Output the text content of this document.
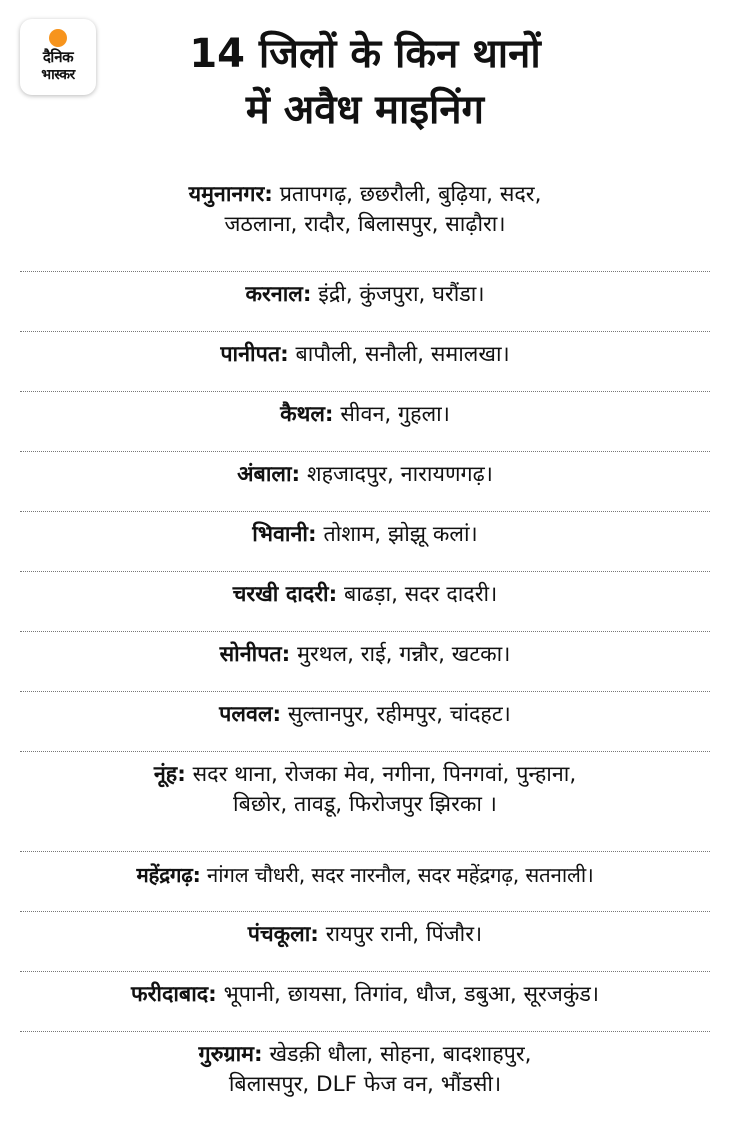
दैनिक
भास्कर	14 जिलों के किन थानों
में अवैध माइनिंग
यमुनानगर: प्रतापगढ़, छछरौली, बुढ़िया, सदर,
जठलाना, रादौर, बिलासपुर, साढ़ौरा।
करनाल: इंद्री, कुंजपुरा, घरौंडा।
पानीपत: बापौली, सनौली, समालखा।
कैथल: सीवन, गुहला।
अंबाला: शहजादपुर, नारायणगढ़।
भिवानी: तोशाम, झोझू कलां।
चरखी दादरी: बाढड़ा, सदर दादरी।
सोनीपत: मुरथल, राई, गन्नौर, खटका।
पलवल: सुल्तानपुर, रहीमपुर, चांदहट।
नूंह: सदर थाना, रोजका मेव, नगीना, पिनगवां, पुन्हाना,
बिछोर, तावडू, फिरोजपुर झिरका ।
महेंद्रगढ़: नांगल चौधरी, सदर नारनौल, सदर महेंद्रगढ़, सतनाली।
पंचकूला: रायपुर रानी, पिंजौर।
फरीदाबाद: भूपानी, छायसा, तिगांव, धौज, डबुआ, सूरजकुंड।
गुरुग्राम: खेडक़ी धौला, सोहना, बादशाहपुर,
बिलासपुर, DLF फेज वन, भौंडसी।
